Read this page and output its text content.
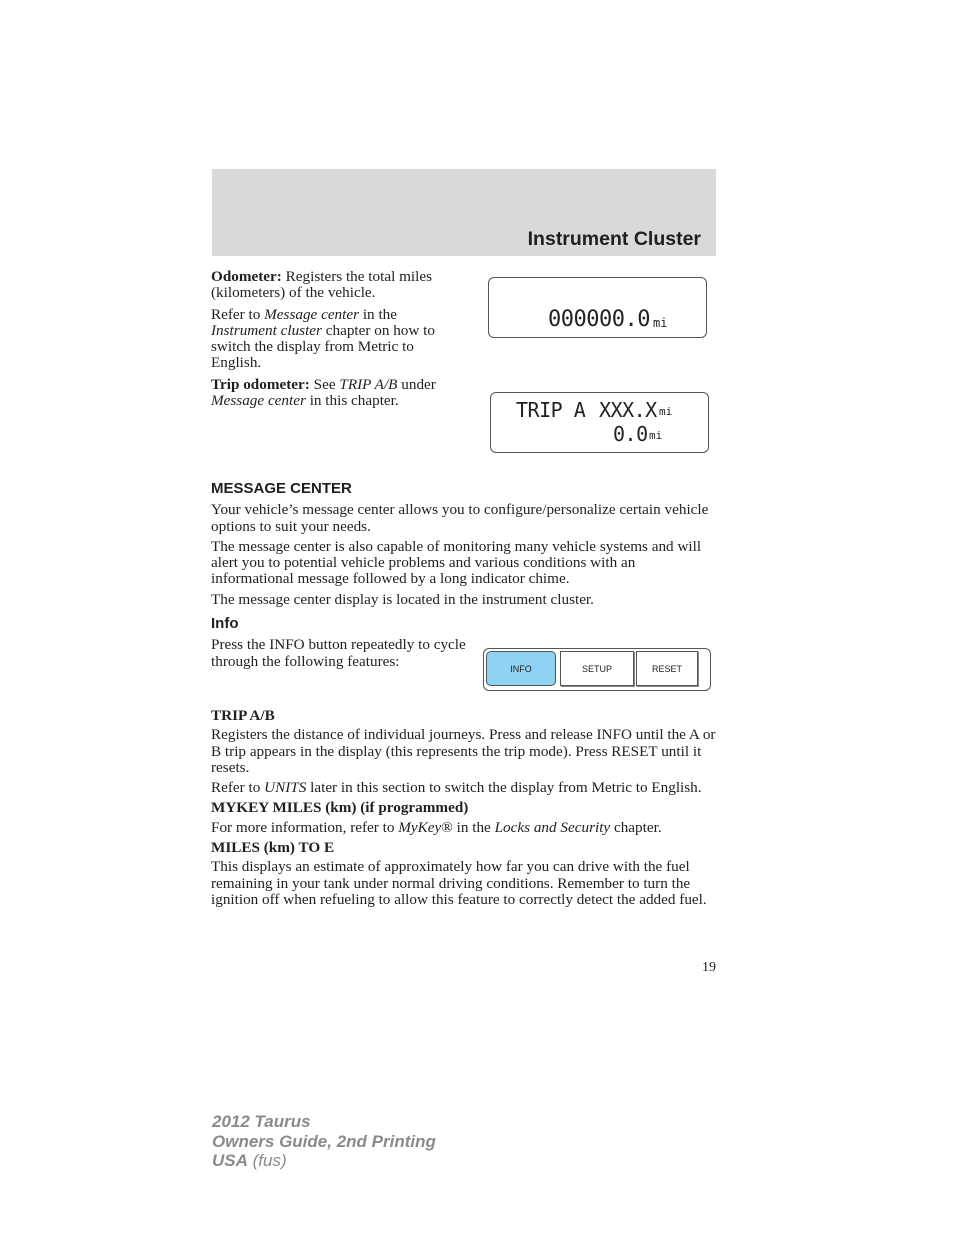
Instrument Cluster

Odometer: Registers the total miles (kilometers) of the vehicle.

Refer to Message center in the Instrument cluster chapter on how to switch the display from Metric to English.

Trip odometer: See TRIP A/B under Message center in this chapter.

000000.0 mi
TRIP A XXX.X mi
0.0 mi

MESSAGE CENTER

Your vehicle’s message center allows you to configure/personalize certain vehicle options to suit your needs.

The message center is also capable of monitoring many vehicle systems and will alert you to potential vehicle problems and various conditions with an informational message followed by a long indicator chime.

The message center display is located in the instrument cluster.

Info

Press the INFO button repeatedly to cycle through the following features:	INFO	SETUP	RESET

TRIP A/B

Registers the distance of individual journeys. Press and release INFO until the A or B trip appears in the display (this represents the trip mode). Press RESET until it resets.

Refer to UNITS later in this section to switch the display from Metric to English.

MYKEY MILES (km) (if programmed)

For more information, refer to MyKey® in the Locks and Security chapter.

MILES (km) TO E

This displays an estimate of approximately how far you can drive with the fuel remaining in your tank under normal driving conditions. Remember to turn the ignition off when refueling to allow this feature to correctly detect the added fuel.

19
2012 Taurus
Owners Guide, 2nd Printing
USA (fus)
